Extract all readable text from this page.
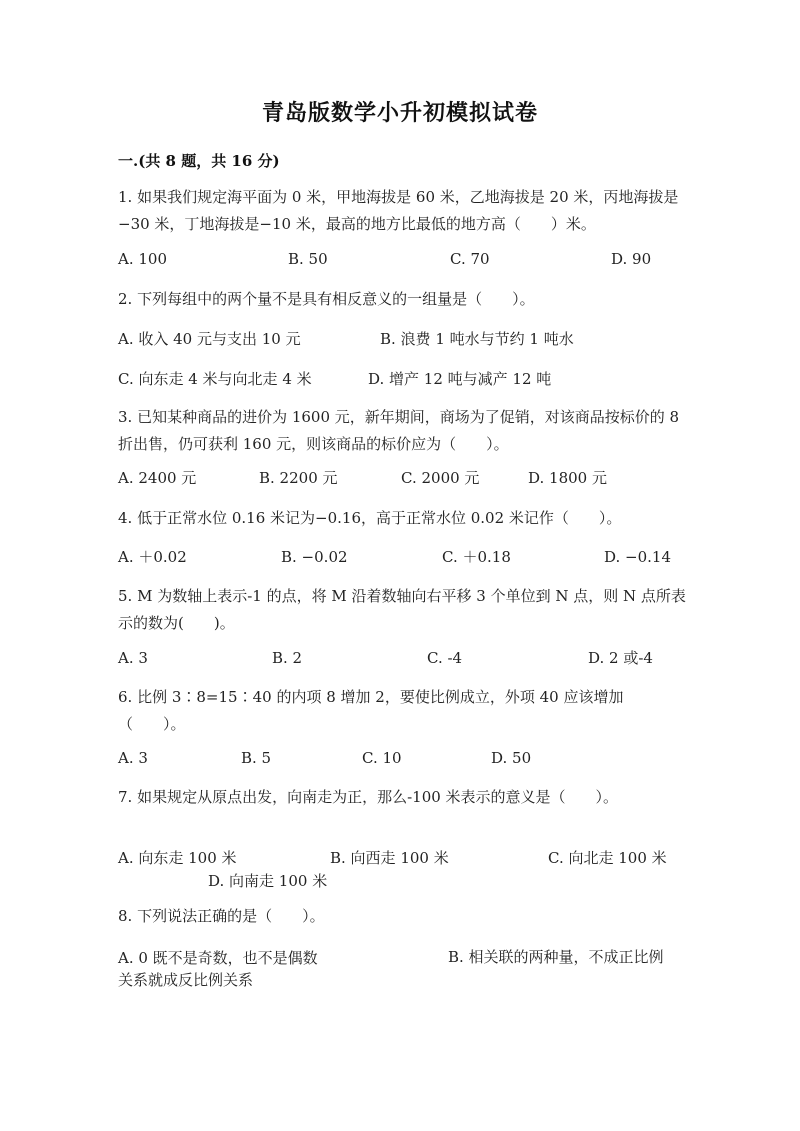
青岛版数学小升初模拟试卷
一.(共 8 题，共 16 分)
1. 如果我们规定海平面为 0 米，甲地海拔是 60 米，乙地海拔是 20 米，丙地海拔是−30 米，丁地海拔是−10 米，最高的地方比最低的地方高（　　）米。
A. 100	B. 50	C. 70	D. 90
2. 下列每组中的两个量不是具有相反意义的一组量是（　　）。
A. 收入 40 元与支出 10 元	B. 浪费 1 吨水与节约 1 吨水
C. 向东走 4 米与向北走 4 米	D. 增产 12 吨与减产 12 吨
3. 已知某种商品的进价为 1600 元，新年期间，商场为了促销，对该商品按标价的 8 折出售，仍可获利 160 元，则该商品的标价应为（　　）。
A. 2400 元	B. 2200 元	C. 2000 元	D. 1800 元
4. 低于正常水位 0.16 米记为−0.16，高于正常水位 0.02 米记作（　　）。
A. ＋0.02	B. −0.02	C. ＋0.18	D. −0.14
5. M 为数轴上表示-1 的点，将 M 沿着数轴向右平移 3 个单位到 N 点，则 N 点所表示的数为(　　)。
A. 3	B. 2	C. -4	D. 2 或-4
6. 比例 3∶8=15∶40 的内项 8 增加 2，要使比例成立，外项 40 应该增加（　　）。
A. 3	B. 5	C. 10	D. 50
7. 如果规定从原点出发，向南走为正，那么-100 米表示的意义是（　　）。
A. 向东走 100 米	B. 向西走 100 米	C. 向北走 100 米
D. 向南走 100 米
8. 下列说法正确的是（　　）。
A. 0 既不是奇数，也不是偶数	B. 相关联的两种量，不成正比例关系就成反比例关系
